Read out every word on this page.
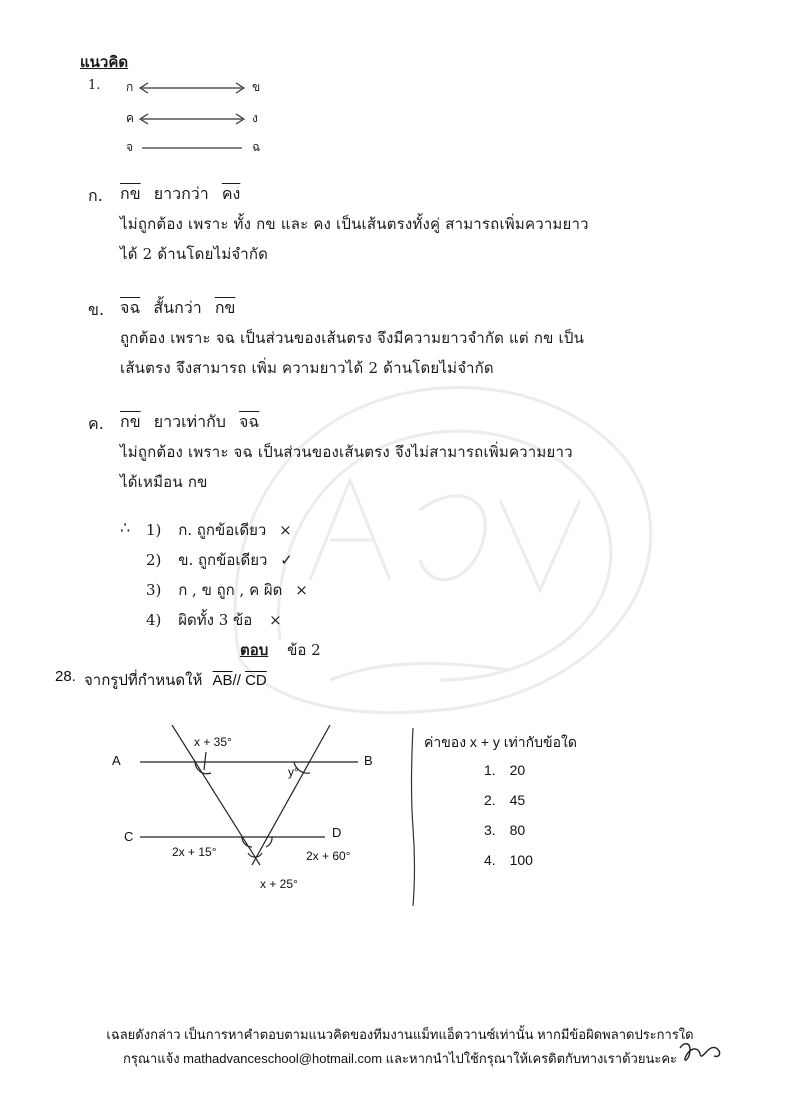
แนวคิด
1. ก	ข
ค	ง
จ	ฉ
ก. กข ยาวกว่า คง
ไม่ถูกต้อง เพราะ ทั้ง กข และ คง เป็นเส้นตรงทั้งคู่ สามารถเพิ่มความยาว
ได้ 2 ด้านโดยไม่จำกัด
ข. จฉ สั้นกว่า กข
ถูกต้อง เพราะ จฉ เป็นส่วนของเส้นตรง จึงมีความยาวจำกัด แต่ กข เป็น
เส้นตรง จึงสามารถ เพิ่ม ความยาวได้ 2 ด้านโดยไม่จำกัด
ค. กข ยาวเท่ากับ จฉ
ไม่ถูกต้อง เพราะ จฉ เป็นส่วนของเส้นตรง จึงไม่สามารถเพิ่มความยาว
ได้เหมือน กข
∴ 1) ก. ถูกข้อเดียว ×
2) ข. ถูกข้อเดียว ✓
3) ก , ข ถูก , ค ผิด ×
4) ผิดทั้ง 3 ข้อ ×
ตอบ ข้อ 2
28. จากรูปที่กำหนดให้ $\overline{AB}//$ $\overline{CD}$
A	B
C	D
x + 35°
y°
2x + 15°	2x + 60°
x + 25°
ค่าของ x + y เท่ากับข้อใด
1. 20
2. 45
3. 80
4. 100
เฉลยดังกล่าว เป็นการหาคำตอบตามแนวคิดของทีมงานแม็ทแอ็ดวานซ์เท่านั้น หากมีข้อผิดพลาดประการใด
กรุณาแจ้ง mathadvanceschool@hotmail.com และหากนำไปใช้กรุณาให้เครดิตกับทางเราด้วยนะคะ
